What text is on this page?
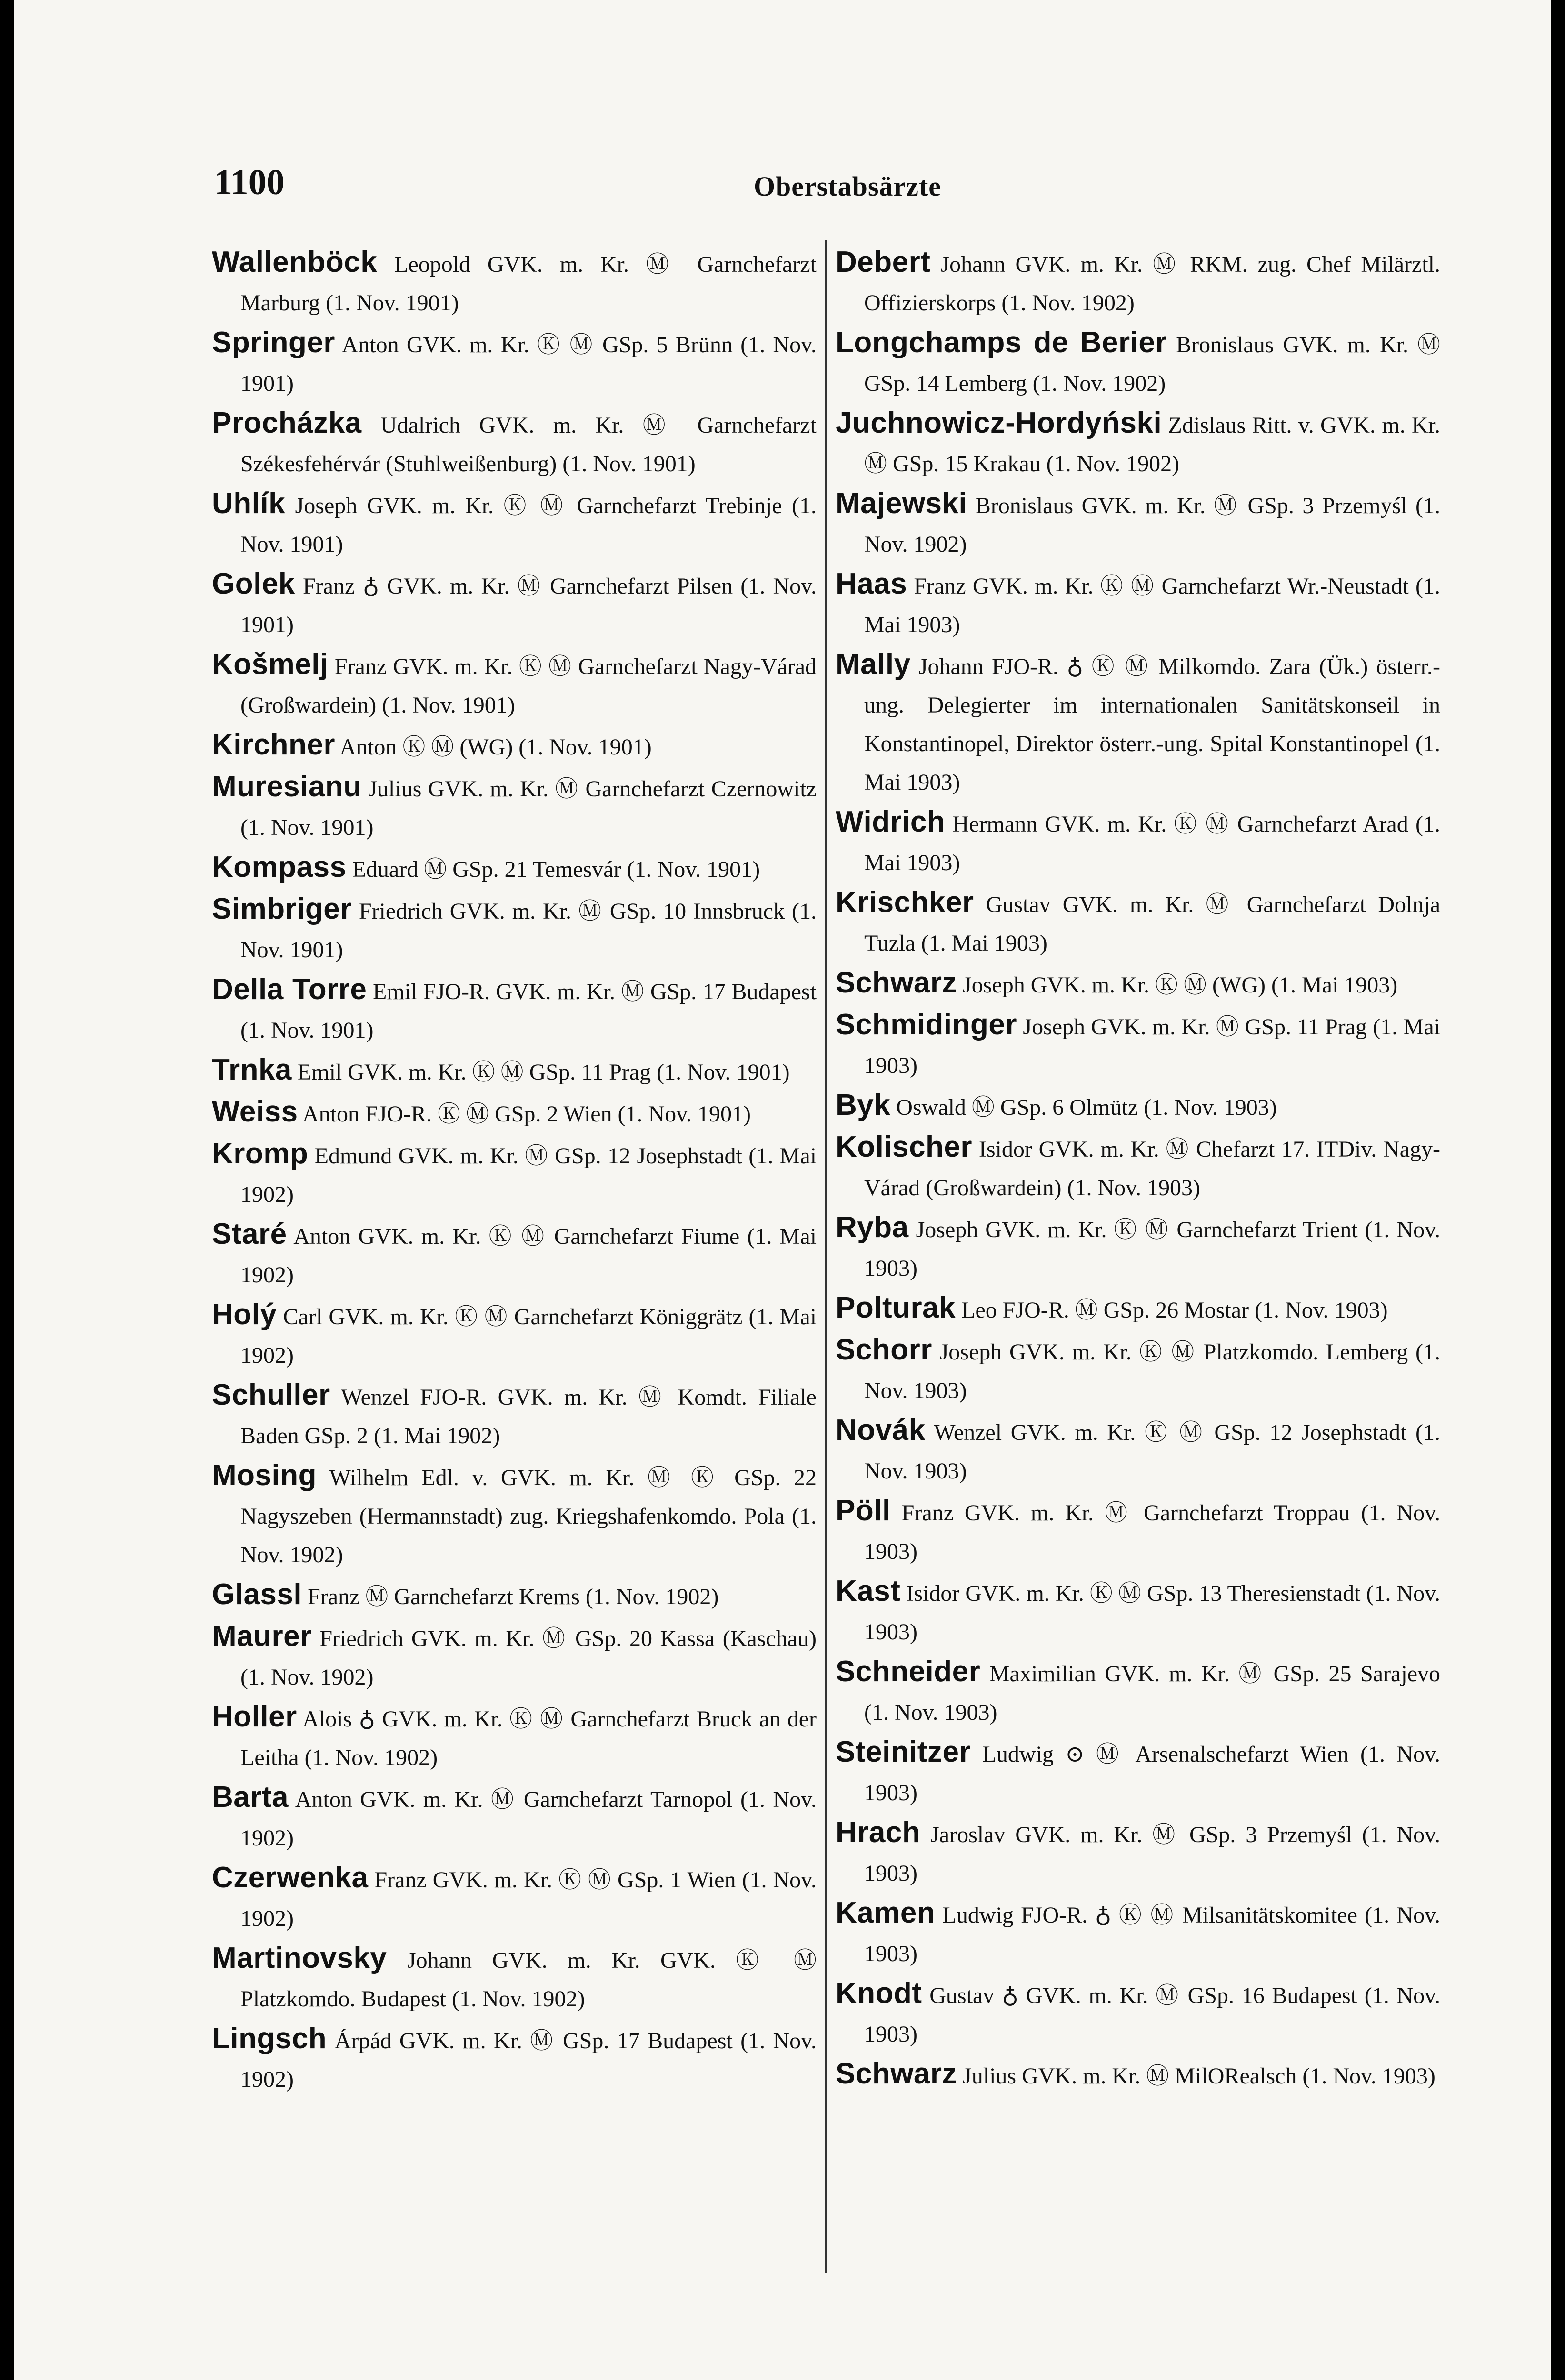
1100	Oberstabsärzte
Wallenböck Leopold GVK. m. Kr. Ⓜ Garnchefarzt Marburg (1. Nov. 1901)
Springer Anton GVK. m. Kr. Ⓚ Ⓜ GSp. 5 Brünn (1. Nov. 1901)
Procházka Udalrich GVK. m. Kr. Ⓜ Garnchefarzt Székesfehérvár (Stuhlweißenburg) (1. Nov. 1901)
Uhlík Joseph GVK. m. Kr. Ⓚ Ⓜ Garnchefarzt Trebinje (1. Nov. 1901)
Golek Franz ♁ GVK. m. Kr. Ⓜ Garnchefarzt Pilsen (1. Nov. 1901)
Košmelj Franz GVK. m. Kr. Ⓚ Ⓜ Garnchefarzt Nagy-Várad (Großwardein) (1. Nov. 1901)
Kirchner Anton Ⓚ Ⓜ (WG) (1. Nov. 1901)
Muresianu Julius GVK. m. Kr. Ⓜ Garnchefarzt Czernowitz (1. Nov. 1901)
Kompass Eduard Ⓜ GSp. 21 Temesvár (1. Nov. 1901)
Simbriger Friedrich GVK. m. Kr. Ⓜ GSp. 10 Innsbruck (1. Nov. 1901)
Della Torre Emil FJO-R. GVK. m. Kr. Ⓜ GSp. 17 Budapest (1. Nov. 1901)
Trnka Emil GVK. m. Kr. Ⓚ Ⓜ GSp. 11 Prag (1. Nov. 1901)
Weiss Anton FJO-R. Ⓚ Ⓜ GSp. 2 Wien (1. Nov. 1901)
Kromp Edmund GVK. m. Kr. Ⓜ GSp. 12 Josephstadt (1. Mai 1902)
Staré Anton GVK. m. Kr. Ⓚ Ⓜ Garnchefarzt Fiume (1. Mai 1902)
Holý Carl GVK. m. Kr. Ⓚ Ⓜ Garnchefarzt Königgrätz (1. Mai 1902)
Schuller Wenzel FJO-R. GVK. m. Kr. Ⓜ Komdt. Filiale Baden GSp. 2 (1. Mai 1902)
Mosing Wilhelm Edl. v. GVK. m. Kr. Ⓜ Ⓚ GSp. 22 Nagyszeben (Hermannstadt) zug. Kriegshafenkomdo. Pola (1. Nov. 1902)
Glassl Franz Ⓜ Garnchefarzt Krems (1. Nov. 1902)
Maurer Friedrich GVK. m. Kr. Ⓜ GSp. 20 Kassa (Kaschau) (1. Nov. 1902)
Holler Alois ♁ GVK. m. Kr. Ⓚ Ⓜ Garnchefarzt Bruck an der Leitha (1. Nov. 1902)
Barta Anton GVK. m. Kr. Ⓜ Garnchefarzt Tarnopol (1. Nov. 1902)
Czerwenka Franz GVK. m. Kr. Ⓚ Ⓜ GSp. 1 Wien (1. Nov. 1902)
Martinovsky Johann GVK. m. Kr. GVK. Ⓚ Ⓜ Platzkomdo. Budapest (1. Nov. 1902)
Lingsch Árpád GVK. m. Kr. Ⓜ GSp. 17 Budapest (1. Nov. 1902)
Debert Johann GVK. m. Kr. Ⓜ RKM. zug. Chef Milärztl. Offizierskorps (1. Nov. 1902)
Longchamps de Berier Bronislaus GVK. m. Kr. Ⓜ GSp. 14 Lemberg (1. Nov. 1902)
Juchnowicz-Hordyński Zdislaus Ritt. v. GVK. m. Kr. Ⓜ GSp. 15 Krakau (1. Nov. 1902)
Majewski Bronislaus GVK. m. Kr. Ⓜ GSp. 3 Przemyśl (1. Nov. 1902)
Haas Franz GVK. m. Kr. Ⓚ Ⓜ Garnchefarzt Wr.-Neustadt (1. Mai 1903)
Mally Johann FJO-R. ♁ Ⓚ Ⓜ Milkomdo. Zara (Ük.) österr.-ung. Delegierter im internationalen Sanitätskonseil in Konstantinopel, Direktor österr.-ung. Spital Konstantinopel (1. Mai 1903)
Widrich Hermann GVK. m. Kr. Ⓚ Ⓜ Garnchefarzt Arad (1. Mai 1903)
Krischker Gustav GVK. m. Kr. Ⓜ Garnchefarzt Dolnja Tuzla (1. Mai 1903)
Schwarz Joseph GVK. m. Kr. Ⓚ Ⓜ (WG) (1. Mai 1903)
Schmidinger Joseph GVK. m. Kr. Ⓜ GSp. 11 Prag (1. Mai 1903)
Byk Oswald Ⓜ GSp. 6 Olmütz (1. Nov. 1903)
Kolischer Isidor GVK. m. Kr. Ⓜ Chefarzt 17. ITDiv. Nagy-Várad (Großwardein) (1. Nov. 1903)
Ryba Joseph GVK. m. Kr. Ⓚ Ⓜ Garnchefarzt Trient (1. Nov. 1903)
Polturak Leo FJO-R. Ⓜ GSp. 26 Mostar (1. Nov. 1903)
Schorr Joseph GVK. m. Kr. Ⓚ Ⓜ Platzkomdo. Lemberg (1. Nov. 1903)
Novák Wenzel GVK. m. Kr. Ⓚ Ⓜ GSp. 12 Josephstadt (1. Nov. 1903)
Pöll Franz GVK. m. Kr. Ⓜ Garnchefarzt Troppau (1. Nov. 1903)
Kast Isidor GVK. m. Kr. Ⓚ Ⓜ GSp. 13 Theresienstadt (1. Nov. 1903)
Schneider Maximilian GVK. m. Kr. Ⓜ GSp. 25 Sarajevo (1. Nov. 1903)
Steinitzer Ludwig ⊙ Ⓜ Arsenalschefarzt Wien (1. Nov. 1903)
Hrach Jaroslav GVK. m. Kr. Ⓜ GSp. 3 Przemyśl (1. Nov. 1903)
Kamen Ludwig FJO-R. ♁ Ⓚ Ⓜ Milsanitätskomitee (1. Nov. 1903)
Knodt Gustav ♁ GVK. m. Kr. Ⓜ GSp. 16 Budapest (1. Nov. 1903)
Schwarz Julius GVK. m. Kr. Ⓜ MilORealsch (1. Nov. 1903)
